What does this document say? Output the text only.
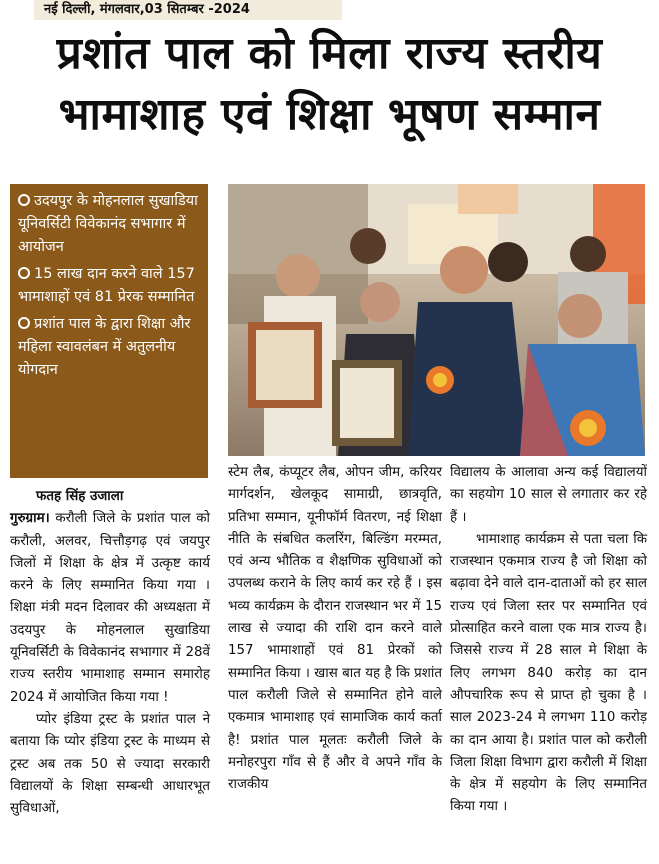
नई दिल्ली, मंगलवार,03 सितम्बर -2024
प्रशांत पाल को मिला राज्य स्तरीय
भामाशाह एवं शिक्षा भूषण सम्मान
उदयपुर के मोहनलाल सुखाडिया यूनिवर्सिटी विवेकानंद सभागार में आयोजन
15 लाख दान करने वाले 157 भामाशाहों एवं 81 प्रेरक सम्मानित
प्रशांत पाल के द्वारा शिक्षा और महिला स्वावलंबन में अतुलनीय योगदान
फतह सिंह उजाला
गुरुग्राम। करौली जिले के प्रशांत पाल को करौली, अलवर, चित्तौड़गढ़ एवं जयपुर जिलों में शिक्षा के क्षेत्र में उत्कृष्ट कार्य करने के लिए सम्मानित किया गया । शिक्षा मंत्री मदन दिलावर की अध्यक्षता में उदयपुर के मोहनलाल सुखाडिया यूनिवर्सिटी के विवेकानंद सभागार में 28वें राज्य स्तरीय भामाशाह सम्मान समारोह 2024 में आयोजित किया गया !
प्योर इंडिया ट्रस्ट के प्रशांत पाल ने बताया कि प्योर इंडिया ट्रस्ट के माध्यम से ट्रस्ट अब तक 50 से ज्यादा सरकारी विद्यालयों के शिक्षा सम्बन्धी आधारभूत सुविधाओं,
स्टेम लैब, कंप्यूटर लैब, ओपन जीम, करियर मार्गदर्शन, खेलकूद सामाग्री, छात्रवृति, प्रतिभा सम्मान, यूनीफॉर्म वितरण, नई शिक्षा नीति के संबधित कलरिंग, बिल्डिंग मरम्मत, एवं अन्य भौतिक व शैक्षणिक सुविधाओं को उपलब्ध कराने के लिए कार्य कर रहे हैं । इस भव्य कार्यक्रम के दौरान राजस्थान भर में 15 लाख से ज्यादा की राशि दान करने वाले 157 भामाशाहों एवं 81 प्रेरकों को सम्मानित किया । खास बात यह है कि प्रशांत पाल करौली जिले से सम्मानित होने वाले एकमात्र भामाशाह एवं सामाजिक कार्य कर्ता है! प्रशांत पाल मूलतः करौली जिले के मनोहरपुरा गाँव से हैं और वे अपने गाँव के राजकीय
विद्यालय के आलावा अन्य कई विद्यालयों का सहयोग 10 साल से लगातार कर रहे हैं ।
भामाशाह कार्यक्रम से पता चला कि राजस्थान एकमात्र राज्य है जो शिक्षा को बढ़ावा देने वाले दान-दाताओं को हर साल राज्य एवं जिला स्तर पर सम्मानित एवं प्रोत्साहित करने वाला एक मात्र राज्य है। जिससे राज्य में 28 साल मे शिक्षा के लिए लगभग 840 करोड़ का दान औपचारिक रूप से प्राप्त हो चुका है । साल 2023-24 मे लगभग 110 करोड़ का दान आया है। प्रशांत पाल को करौली जिला शिक्षा विभाग द्वारा करौली में शिक्षा के क्षेत्र में सहयोग के लिए सम्मानित किया गया ।
